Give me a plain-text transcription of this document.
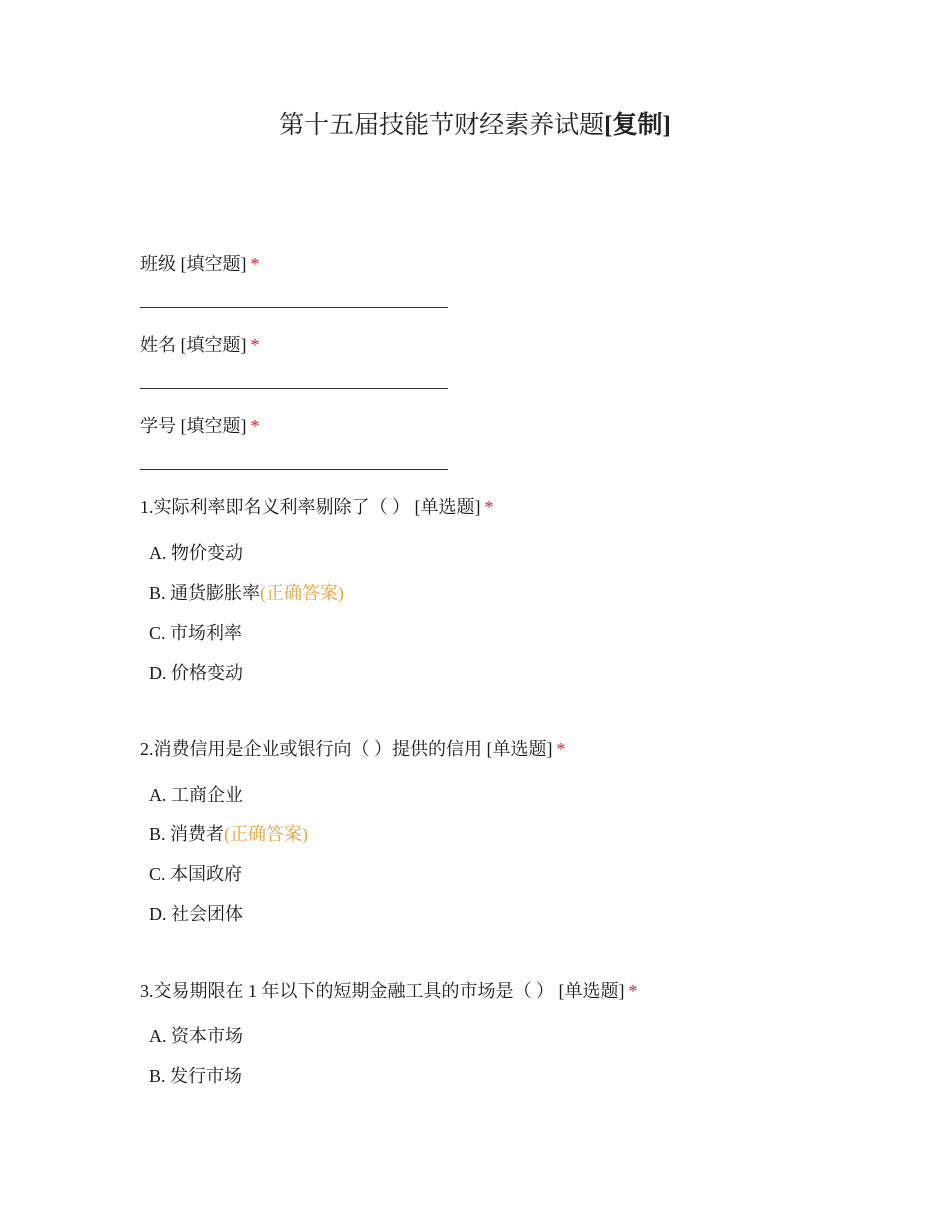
第十五届技能节财经素养试题[复制]
班级 [填空题] *
姓名 [填空题] *
学号 [填空题] *
1.实际利率即名义利率剔除了（ ） [单选题] *
A. 物价变动
B. 通货膨胀率(正确答案)
C. 市场利率
D. 价格变动
2.消费信用是企业或银行向（ ）提供的信用 [单选题] *
A. 工商企业
B. 消费者(正确答案)
C. 本国政府
D. 社会团体
3.交易期限在 1 年以下的短期金融工具的市场是（ ） [单选题] *
A. 资本市场
B. 发行市场
